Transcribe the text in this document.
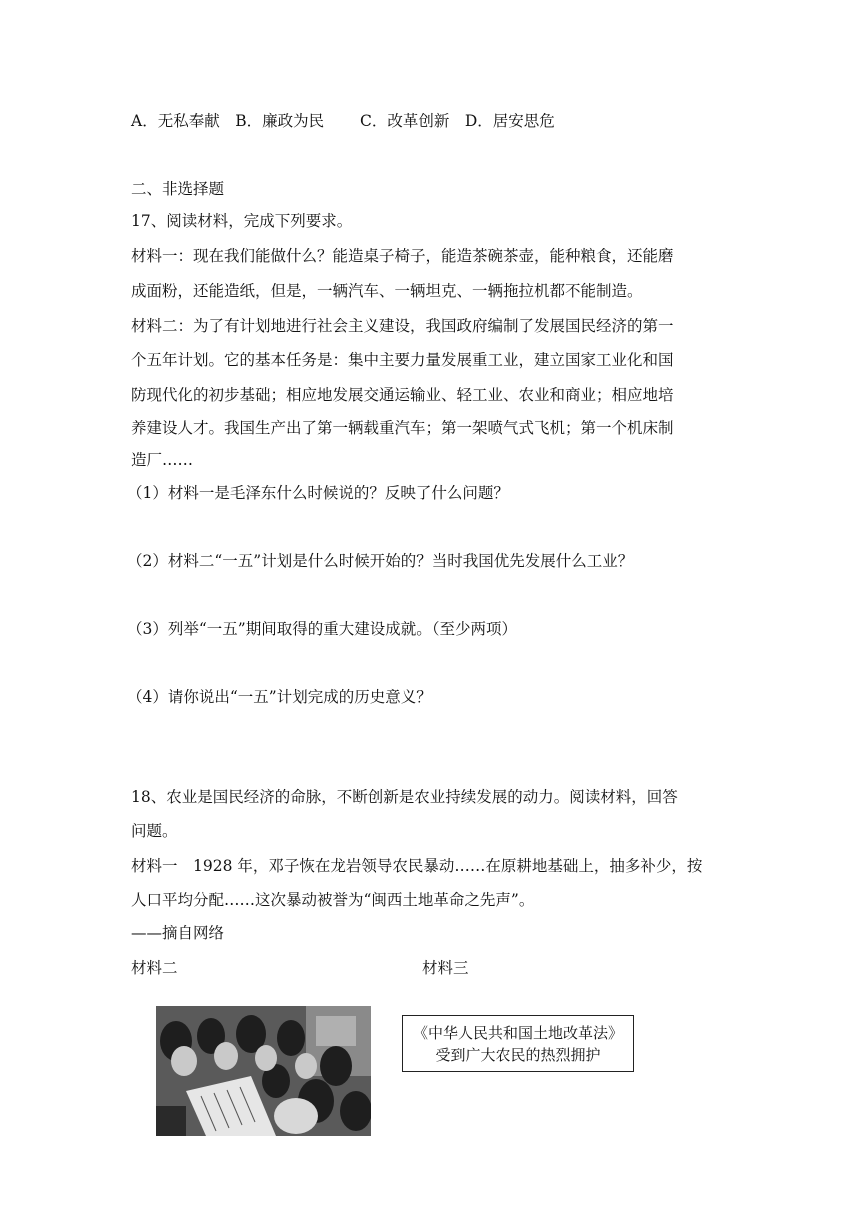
A．无私奉献　B．廉政为民　　 C．改革创新　D．居安思危
二、非选择题
17、阅读材料，完成下列要求。
材料一：现在我们能做什么？能造桌子椅子，能造茶碗茶壶，能种粮食，还能磨
成面粉，还能造纸，但是，一辆汽车、一辆坦克、一辆拖拉机都不能制造。
材料二：为了有计划地进行社会主义建设，我国政府编制了发展国民经济的第一
个五年计划。它的基本任务是：集中主要力量发展重工业，建立国家工业化和国
防现代化的初步基础；相应地发展交通运输业、轻工业、农业和商业；相应地培
养建设人才。我国生产出了第一辆载重汽车；第一架喷气式飞机；第一个机床制
造厂……
（1）材料一是毛泽东什么时候说的？反映了什么问题？
（2）材料二“一五”计划是什么时候开始的？当时我国优先发展什么工业？
（3）列举“一五”期间取得的重大建设成就。（至少两项）
（4）请你说出“一五”计划完成的历史意义？
18、农业是国民经济的命脉，不断创新是农业持续发展的动力。阅读材料，回答
问题。
材料一　1928 年，邓子恢在龙岩领导农民暴动……在原耕地基础上，抽多补少，按
人口平均分配……这次暴动被誉为“闽西土地革命之先声”。
——摘自网络
材料二	材料三
《中华人民共和国土地改革法》
受到广大农民的热烈拥护
